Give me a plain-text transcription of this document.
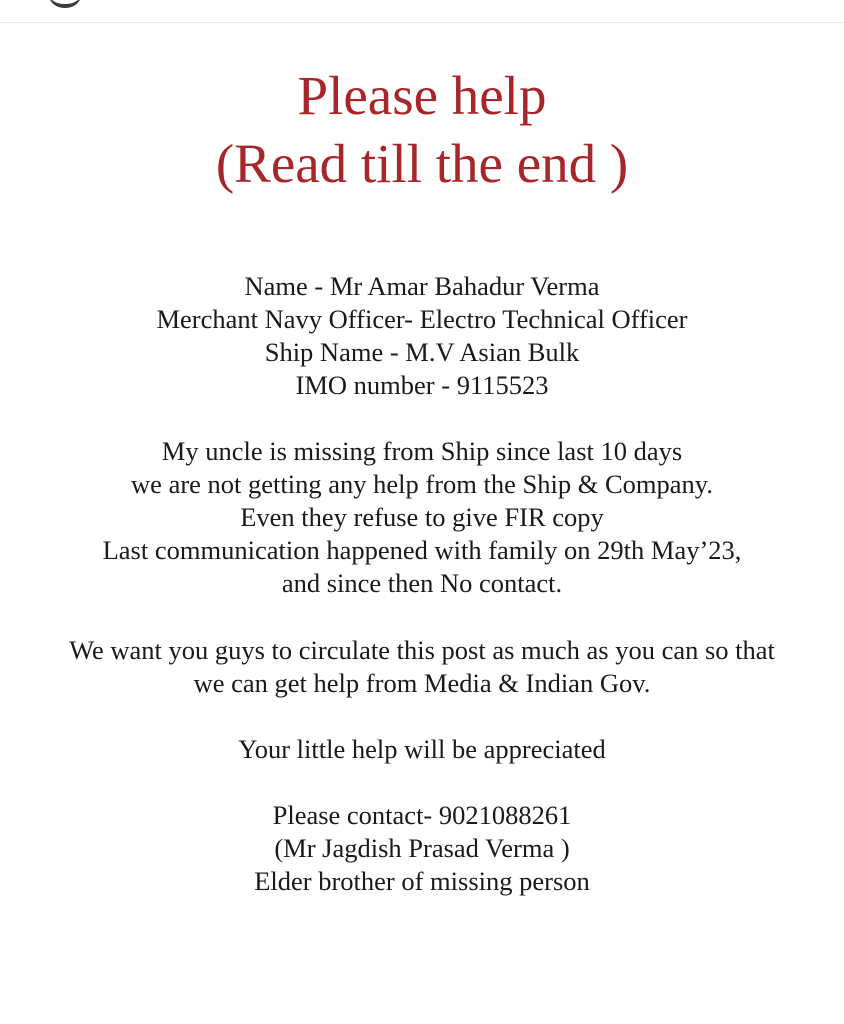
Please help
(Read till the end )
Name - Mr Amar Bahadur Verma
Merchant Navy Officer- Electro Technical Officer
Ship Name - M.V Asian Bulk
IMO number - 9115523
My uncle is missing from Ship since last 10 days
we are not getting any help from the Ship & Company.
Even they refuse to give FIR copy
Last communication happened with family on 29th May’23,
and since then No contact.
We want you guys to circulate this post as much as you can so that
we can get help from Media & Indian Gov.
Your little help will be appreciated
Please contact- 9021088261
(Mr Jagdish Prasad Verma )
Elder brother of missing person
